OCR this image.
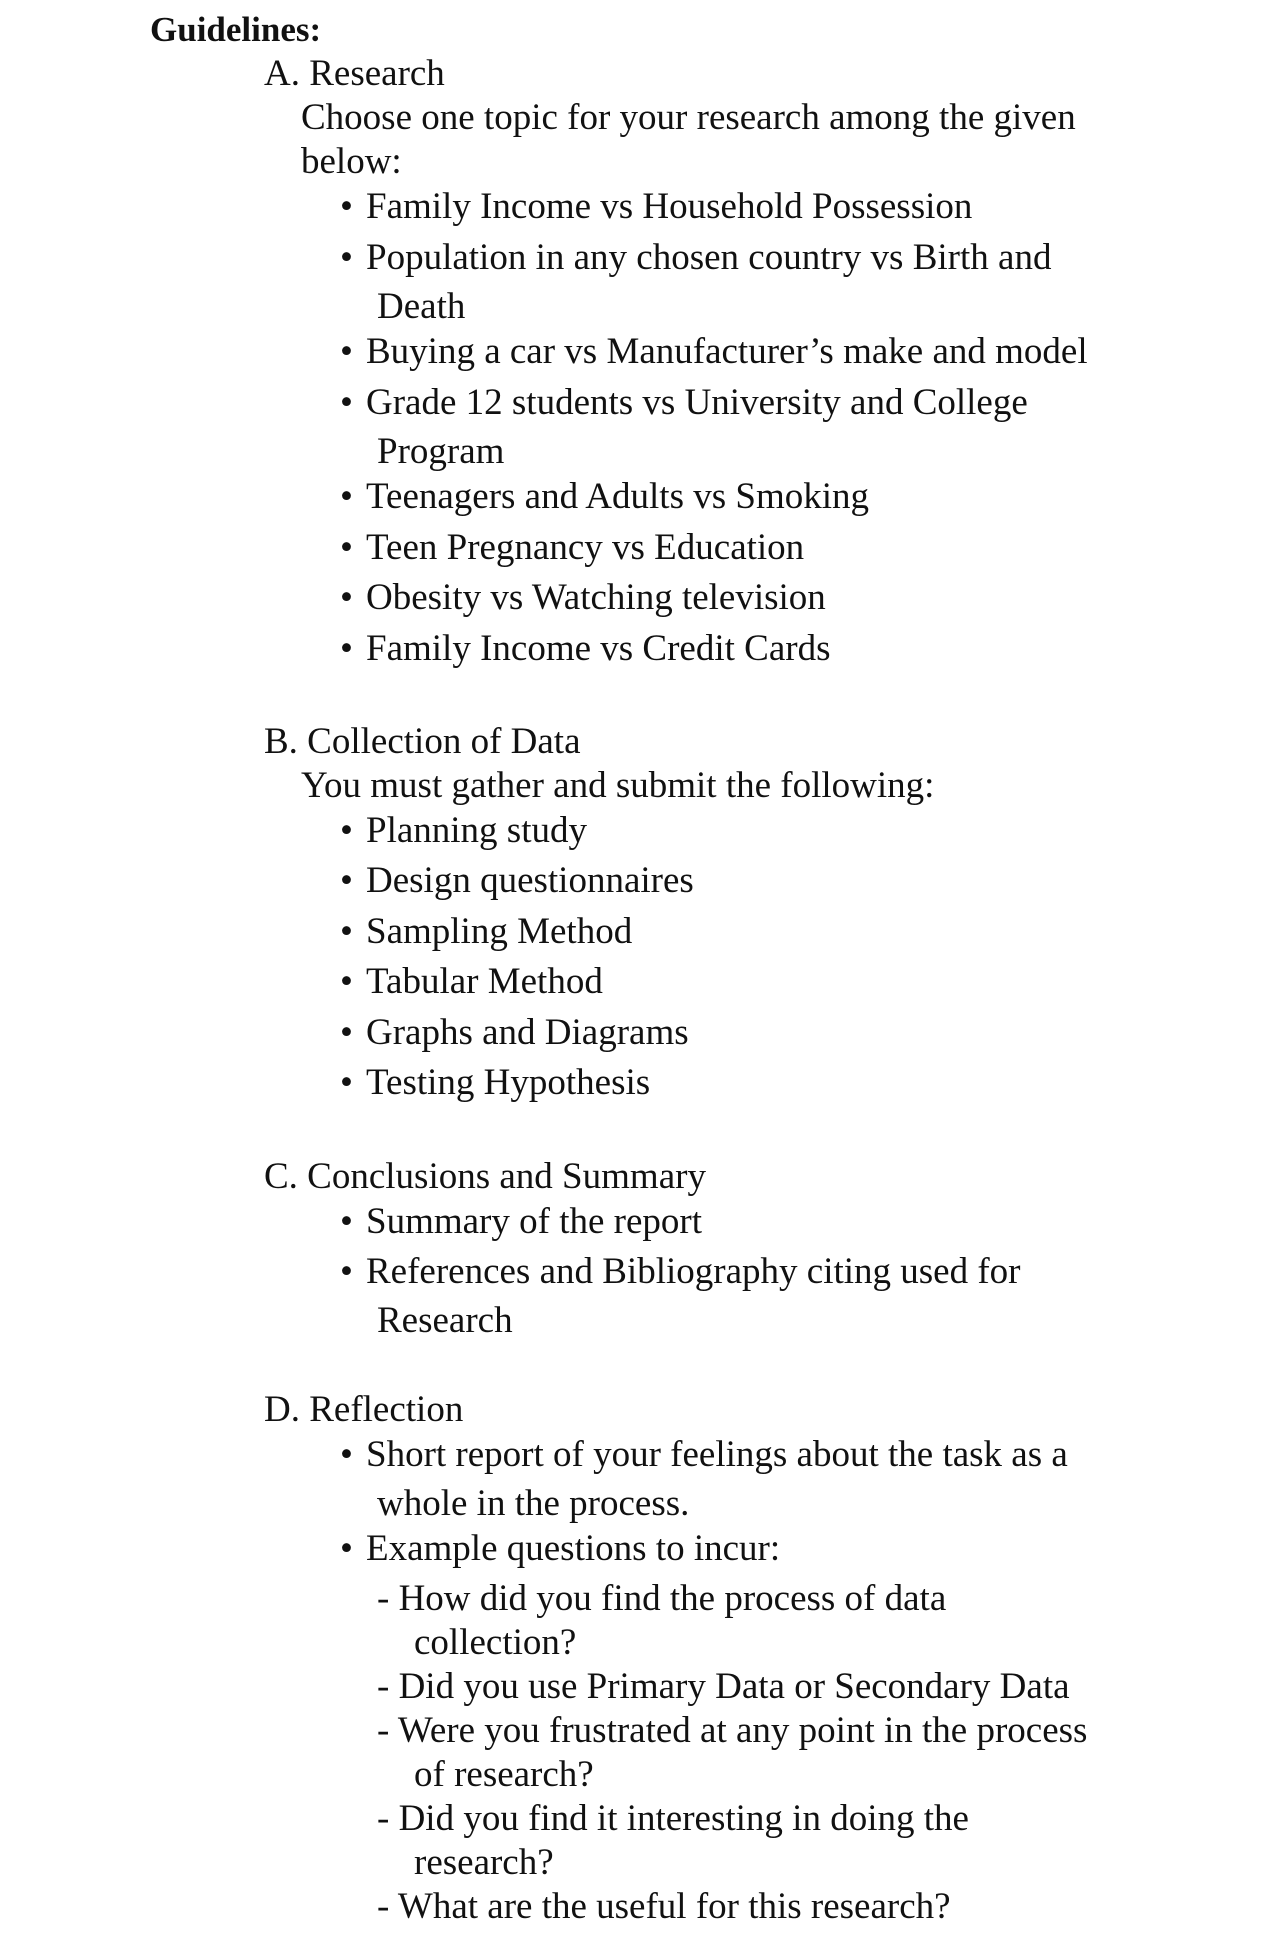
Guidelines:
A. Research
Choose one topic for your research among the given
below:
• Family Income vs Household Possession
• Population in any chosen country vs Birth and
Death
• Buying a car vs Manufacturer’s make and model
• Grade 12 students vs University and College
Program
• Teenagers and Adults vs Smoking
• Teen Pregnancy vs Education
• Obesity vs Watching television
• Family Income vs Credit Cards
B. Collection of Data
You must gather and submit the following:
• Planning study
• Design questionnaires
• Sampling Method
• Tabular Method
• Graphs and Diagrams
• Testing Hypothesis
C. Conclusions and Summary
• Summary of the report
• References and Bibliography citing used for
Research
D. Reflection
• Short report of your feelings about the task as a
whole in the process.
• Example questions to incur:
- How did you find the process of data
collection?
- Did you use Primary Data or Secondary Data
- Were you frustrated at any point in the process
of research?
- Did you find it interesting in doing the
research?
- What are the useful for this research?
